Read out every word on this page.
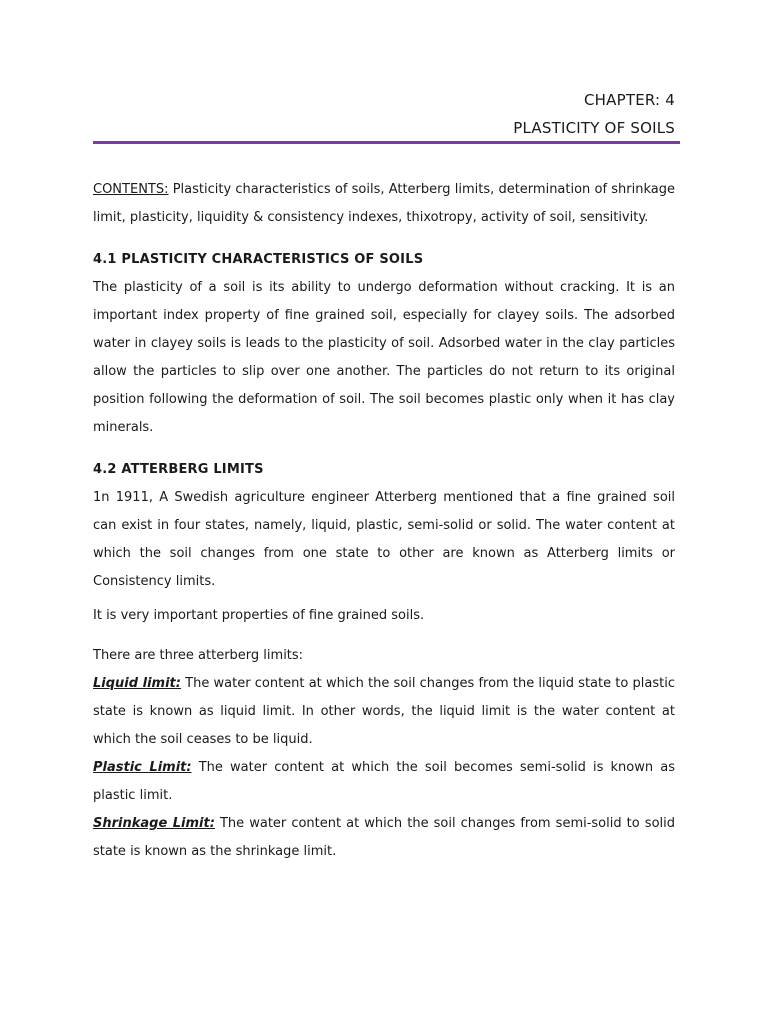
CHAPTER: 4
PLASTICITY OF SOILS

CONTENTS: Plasticity characteristics of soils, Atterberg limits, determination of shrinkage limit, plasticity, liquidity & consistency indexes, thixotropy, activity of soil, sensitivity.

4.1 PLASTICITY CHARACTERISTICS OF SOILS

The plasticity of a soil is its ability to undergo deformation without cracking. It is an important index property of fine grained soil, especially for clayey soils. The adsorbed water in clayey soils is leads to the plasticity of soil. Adsorbed water in the clay particles allow the particles to slip over one another. The particles do not return to its original position following the deformation of soil. The soil becomes plastic only when it has clay minerals.

4.2 ATTERBERG LIMITS

1n 1911, A Swedish agriculture engineer Atterberg mentioned that a fine grained soil can exist in four states, namely, liquid, plastic, semi-solid or solid. The water content at which the soil changes from one state to other are known as Atterberg limits or Consistency limits.

It is very important properties of fine grained soils.

There are three atterberg limits:

Liquid limit: The water content at which the soil changes from the liquid state to plastic state is known as liquid limit. In other words, the liquid limit is the water content at which the soil ceases to be liquid.

Plastic Limit: The water content at which the soil becomes semi-solid is known as plastic limit.

Shrinkage Limit: The water content at which the soil changes from semi-solid to solid state is known as the shrinkage limit.
